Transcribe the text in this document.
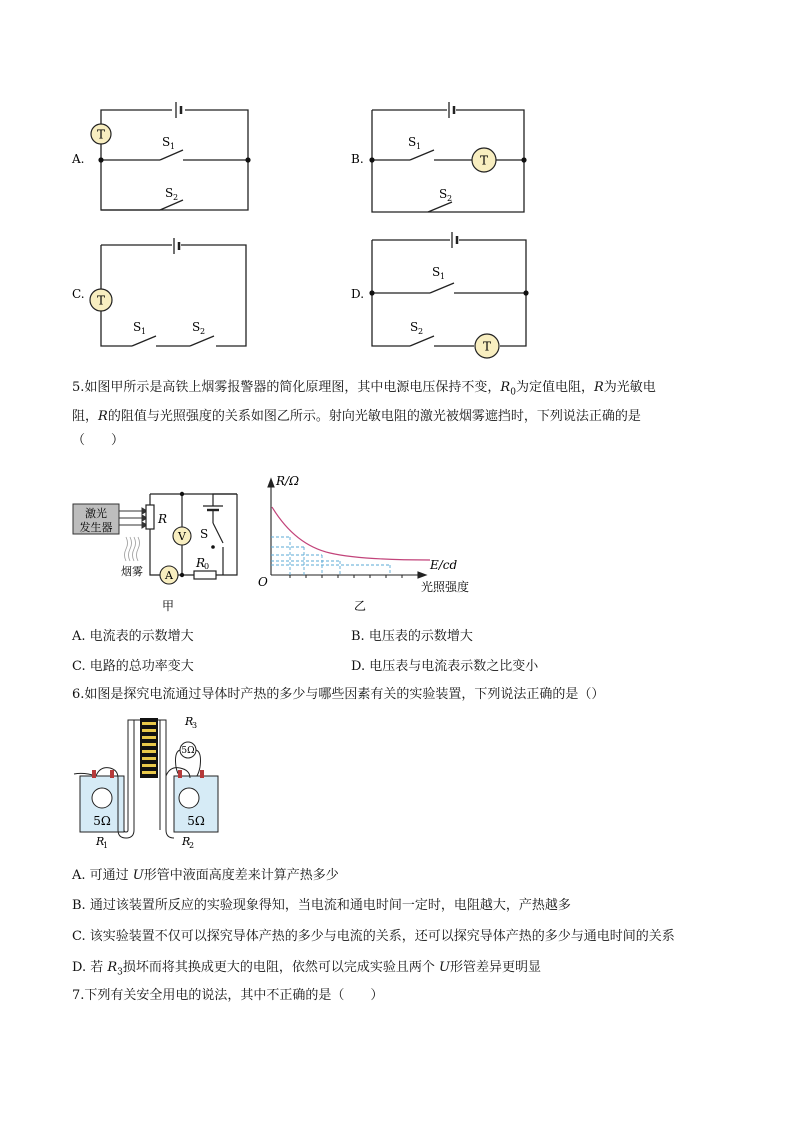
T
T
T
T
A.	B.
C.	D.
S 1
S 2
S 1
S 2
S 1	S 2
S 1
S 2
5.如图甲所示是高铁上烟雾报警器的简化原理图，其中电源电压保持不变，$R_0$为定值电阻，R为光敏电
阻，R的阻值与光照强度的关系如图乙所示。射向光敏电阻的激光被烟雾遮挡时，下列说法正确的是
（　　）
激光
发生器
烟雾
V
A
R
S
R
0
甲
R/Ω
E/cd
O	光照强度
乙
A. 电流表的示数增大	B. 电压表的示数增大
C. 电路的总功率变大	D. 电压表与电流表示数之比变小
6.如图是探究电流通过导体时产热的多少与哪些因素有关的实验装置，下列说法正确的是（）
R
3
5Ω
5Ω	5Ω
R
1	R
2
A. 可通过 U形管中液面高度差来计算产热多少
B. 通过该装置所反应的实验现象得知，当电流和通电时间一定时，电阻越大，产热越多
C. 该实验装置不仅可以探究导体产热的多少与电流的关系，还可以探究导体产热的多少与通电时间的关系
D. 若 $R_3$损坏而将其换成更大的电阻，依然可以完成实验且两个 U形管差异更明显
7.下列有关安全用电的说法，其中不正确的是（　　）
